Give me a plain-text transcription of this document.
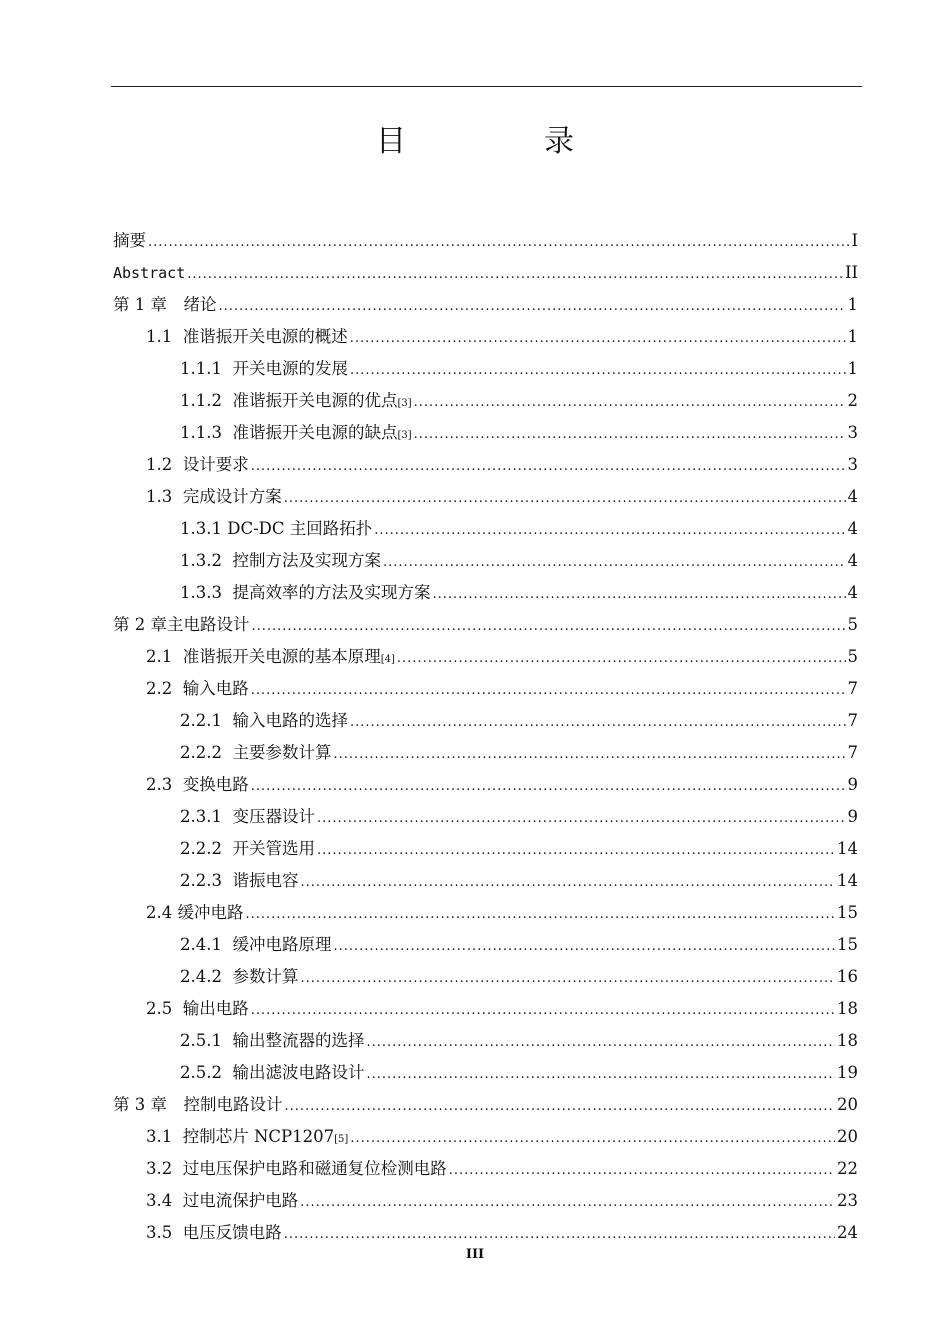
目　录
摘要 .....	I
Abstract .....	II
第 1 章　绪论 .....	1
1.1  准谐振开关电源的概述 .....	1
1.1.1  开关电源的发展 .....	1
1.1.2  准谐振开关电源的优点 [3] .....	2
1.1.3  准谐振开关电源的缺点 [3] .....	3
1.2  设计要求 .....	3
1.3  完成设计方案 .....	4
1.3.1 DC-DC 主回路拓扑 .....	4
1.3.2  控制方法及实现方案 .....	4
1.3.3  提高效率的方法及实现方案 .....	4
第 2 章主电路设计 .....	5
2.1  准谐振开关电源的基本原理 [4] .....	5
2.2  输入电路 .....	7
2.2.1  输入电路的选择 .....	7
2.2.2  主要参数计算 .....	7
2.3  变换电路 .....	9
2.3.1  变压器设计 .....	9
2.2.2  开关管选用 .....	14
2.2.3  谐振电容 .....	14
2.4 缓冲电路 .....	15
2.4.1  缓冲电路原理 .....	15
2.4.2  参数计算 .....	16
2.5  输出电路 .....	18
2.5.1  输出整流器的选择 .....	18
2.5.2  输出滤波电路设计 .....	19
第 3 章　控制电路设计 .....	20
3.1  控制芯片 NCP1207 [5] .....	20
3.2  过电压保护电路和磁通复位检测电路 .....	22
3.4  过电流保护电路 .....	23
3.5  电压反馈电路 .....	24
III
